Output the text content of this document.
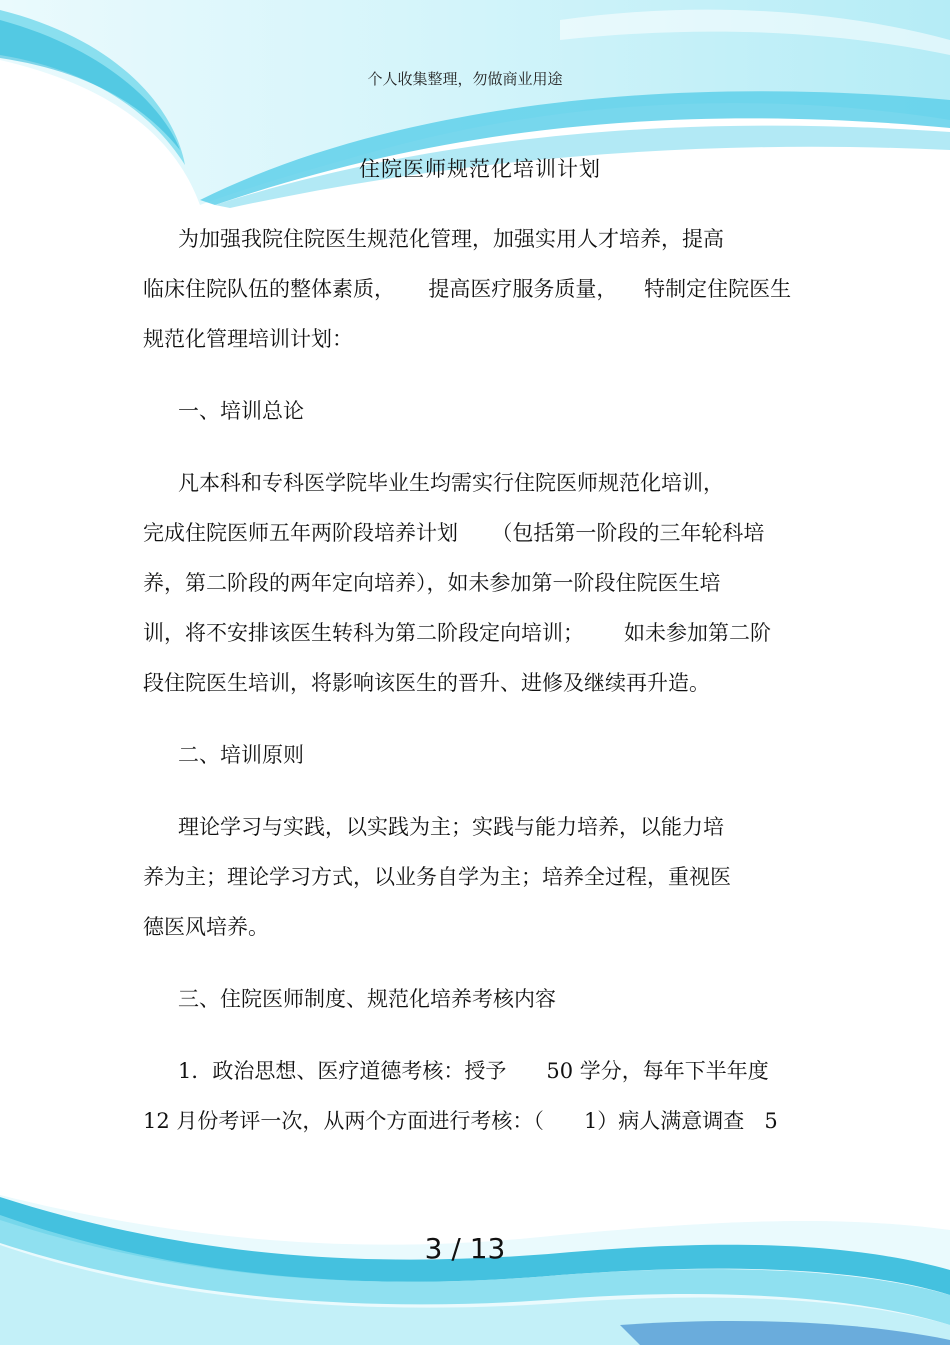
个人收集整理，勿做商业用途
住院医师规范化培训计划
为加强我院住院医生规范化管理，加强实用人才培养，提高
临床住院队伍的整体素质，     提高医疗服务质量，    特制定住院医生
规范化管理培训计划：
一、培训总论
凡本科和专科医学院毕业生均需实行住院医师规范化培训，
完成住院医师五年两阶段培养计划     （包括第一阶段的三年轮科培
养，第二阶段的两年定向培养），如未参加第一阶段住院医生培
训，将不安排该医生转科为第二阶段定向培训；      如未参加第二阶
段住院医生培训，将影响该医生的晋升、进修及继续再升造。
二、培训原则
理论学习与实践，以实践为主；实践与能力培养，以能力培
养为主；理论学习方式，以业务自学为主；培养全过程，重视医
德医风培养。
三、住院医师制度、规范化培养考核内容
1．政治思想、医疗道德考核：授予      50 学分，每年下半年度
12 月份考评一次，从两个方面进行考核：（      1）病人满意调查   5
3 / 13
